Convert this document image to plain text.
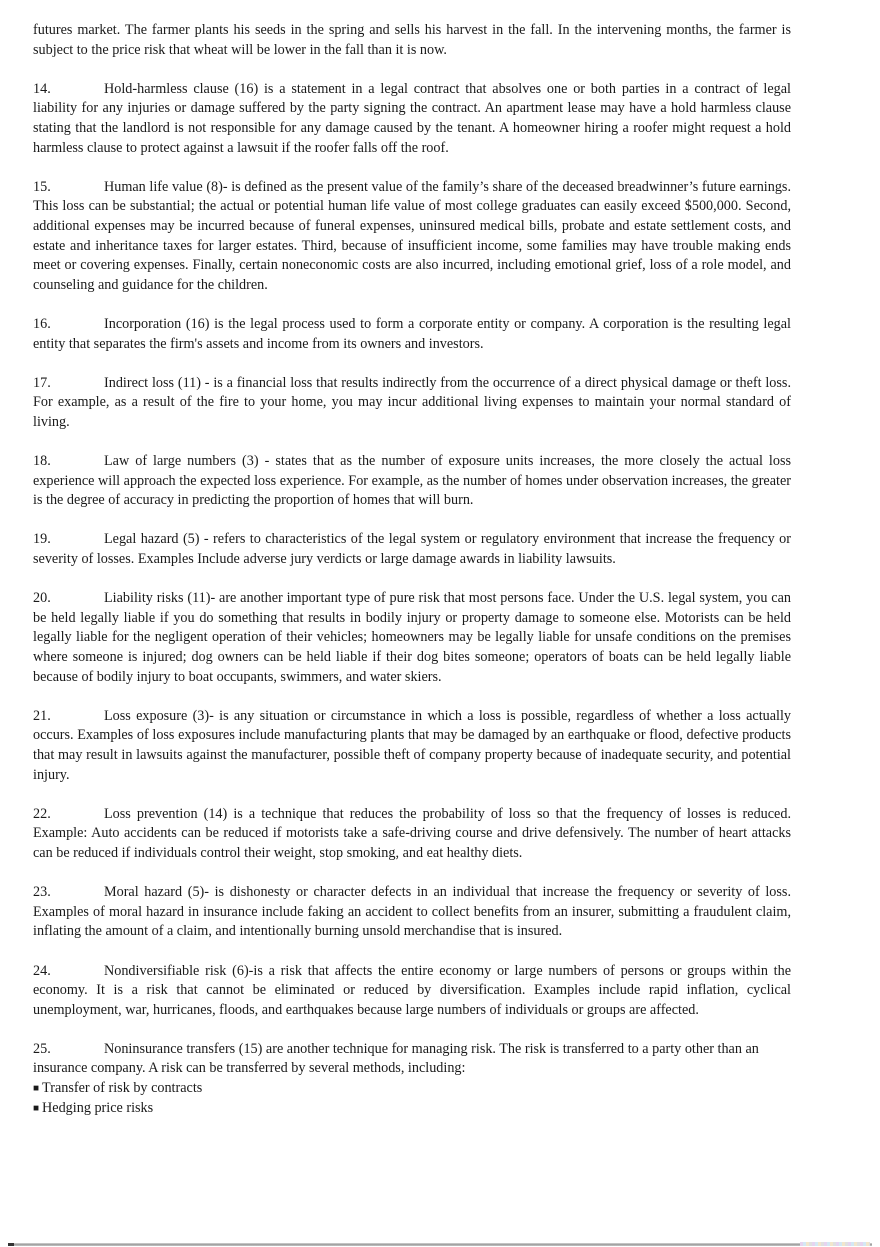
futures market. The farmer plants his seeds in the spring and sells his harvest in the fall. In the intervening months, the farmer is subject to the price risk that wheat will be lower in the fall than it is now.

14.	Hold-harmless clause (16) is a statement in a legal contract that absolves one or both parties in a contract of legal liability for any injuries or damage suffered by the party signing the contract. An apartment lease may have a hold harmless clause stating that the landlord is not responsible for any damage caused by the tenant. A homeowner hiring a roofer might request a hold harmless clause to protect against a lawsuit if the roofer falls off the roof.

15.	Human life value (8)- is defined as the present value of the family’s share of the deceased breadwinner’s future earnings. This loss can be substantial; the actual or potential human life value of most college graduates can easily exceed $500,000. Second, additional expenses may be incurred because of funeral expenses, uninsured medical bills, probate and estate settlement costs, and estate and inheritance taxes for larger estates. Third, because of insufficient income, some families may have trouble making ends meet or covering expenses. Finally, certain noneconomic costs are also incurred, including emotional grief, loss of a role model, and counseling and guidance for the children.

16.	Incorporation (16) is the legal process used to form a corporate entity or company. A corporation is the resulting legal entity that separates the firm's assets and income from its owners and investors.

17.	Indirect loss (11) - is a financial loss that results indirectly from the occurrence of a direct physical damage or theft loss. For example, as a result of the fire to your home, you may incur additional living expenses to maintain your normal standard of living.

18.	Law of large numbers (3) - states that as the number of exposure units increases, the more closely the actual loss experience will approach the expected loss experience. For example, as the number of homes under observation increases, the greater is the degree of accuracy in predicting the proportion of homes that will burn.

19.	Legal hazard (5) - refers to characteristics of the legal system or regulatory environment that increase the frequency or severity of losses. Examples Include adverse jury verdicts or large damage awards in liability lawsuits.

20.	Liability risks (11)- are another important type of pure risk that most persons face. Under the U.S. legal system, you can be held legally liable if you do something that results in bodily injury or property damage to someone else. Motorists can be held legally liable for the negligent operation of their vehicles; homeowners may be legally liable for unsafe conditions on the premises where someone is injured; dog owners can be held liable if their dog bites someone; operators of boats can be held legally liable because of bodily injury to boat occupants, swimmers, and water skiers.

21.	Loss exposure (3)- is any situation or circumstance in which a loss is possible, regardless of whether a loss actually occurs. Examples of loss exposures include manufacturing plants that may be damaged by an earthquake or flood, defective products that may result in lawsuits against the manufacturer, possible theft of company property because of inadequate security, and potential injury.

22.	Loss prevention (14) is a technique that reduces the probability of loss so that the frequency of losses is reduced. Example: Auto accidents can be reduced if motorists take a safe-driving course and drive defensively. The number of heart attacks can be reduced if individuals control their weight, stop smoking, and eat healthy diets.

23.	Moral hazard (5)- is dishonesty or character defects in an individual that increase the frequency or severity of loss. Examples of moral hazard in insurance include faking an accident to collect benefits from an insurer, submitting a fraudulent claim, inflating the amount of a claim, and intentionally burning unsold merchandise that is insured.

24.	Nondiversifiable risk (6)-is a risk that affects the entire economy or large numbers of persons or groups within the economy. It is a risk that cannot be eliminated or reduced by diversification. Examples include rapid inflation, cyclical unemployment, war, hurricanes, floods, and earthquakes because large numbers of individuals or groups are affected.

25.	Noninsurance transfers (15) are another technique for managing risk. The risk is transferred to a party other than an insurance company. A risk can be transferred by several methods, including:

■ Transfer of risk by contracts
■ Hedging price risks
